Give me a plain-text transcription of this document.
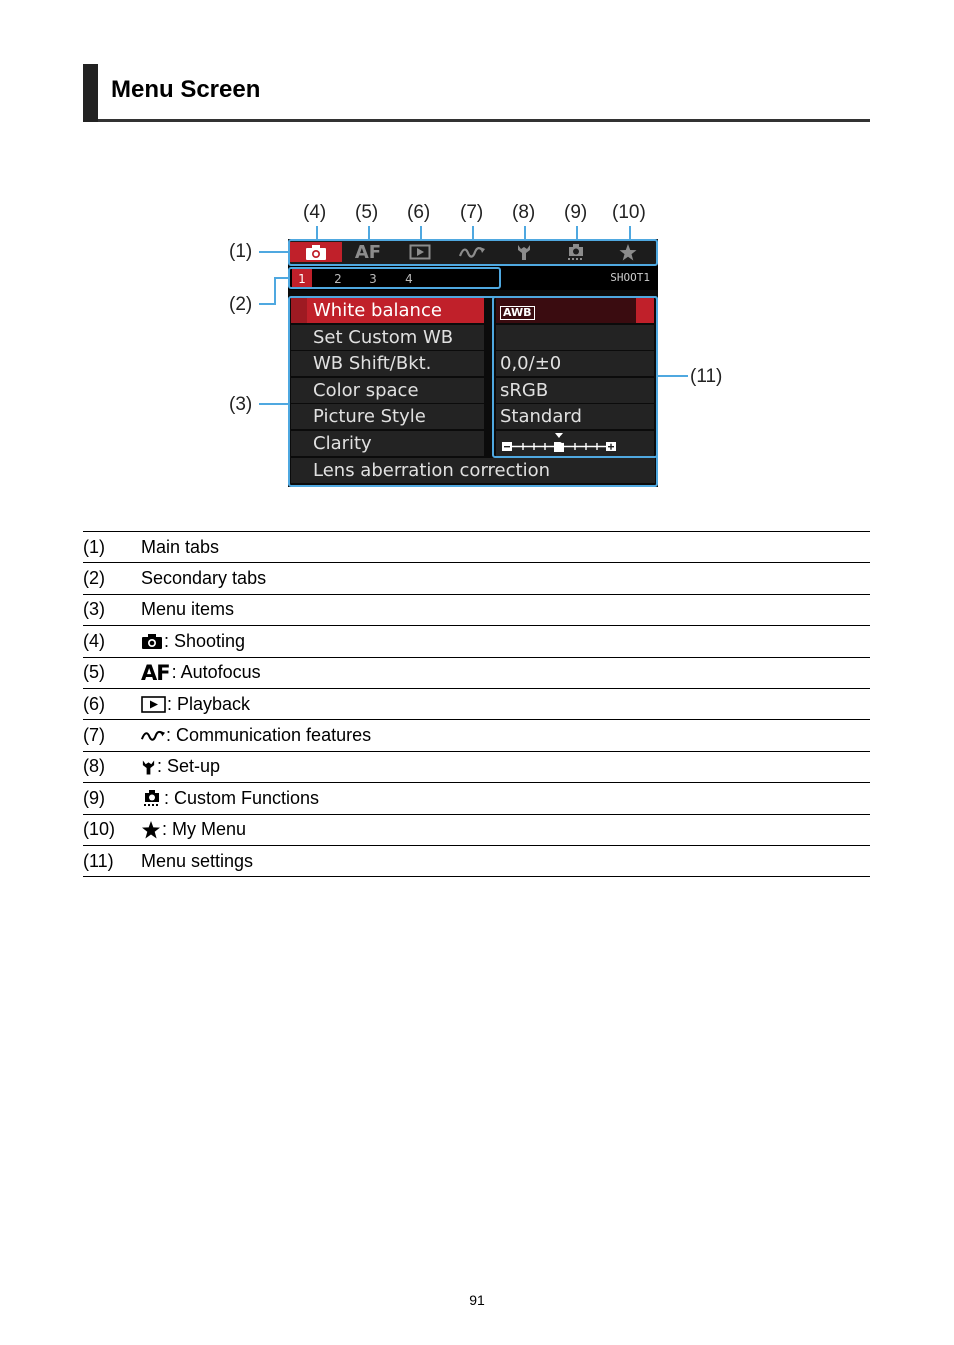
Menu Screen
(4) (5) (6) (7) (8) (9) (10)
(1)
(2)
(3)
(11)
AF
1	2	3	4	SHOOT1
White balance
Set Custom WB
WB Shift/Bkt.
Color space
Picture Style
Clarity
Lens aberration correction
AWB
0,0/±0
sRGB
Standard
0
(1)	Main tabs
(2)	Secondary tabs
(3)	Menu items
(4)	: Shooting
(5)	AF : Autofocus
(6)	: Playback
(7)	: Communication features
(8)	: Set-up
(9)	: Custom Functions
(10)	: My Menu
(11)	Menu settings
91
